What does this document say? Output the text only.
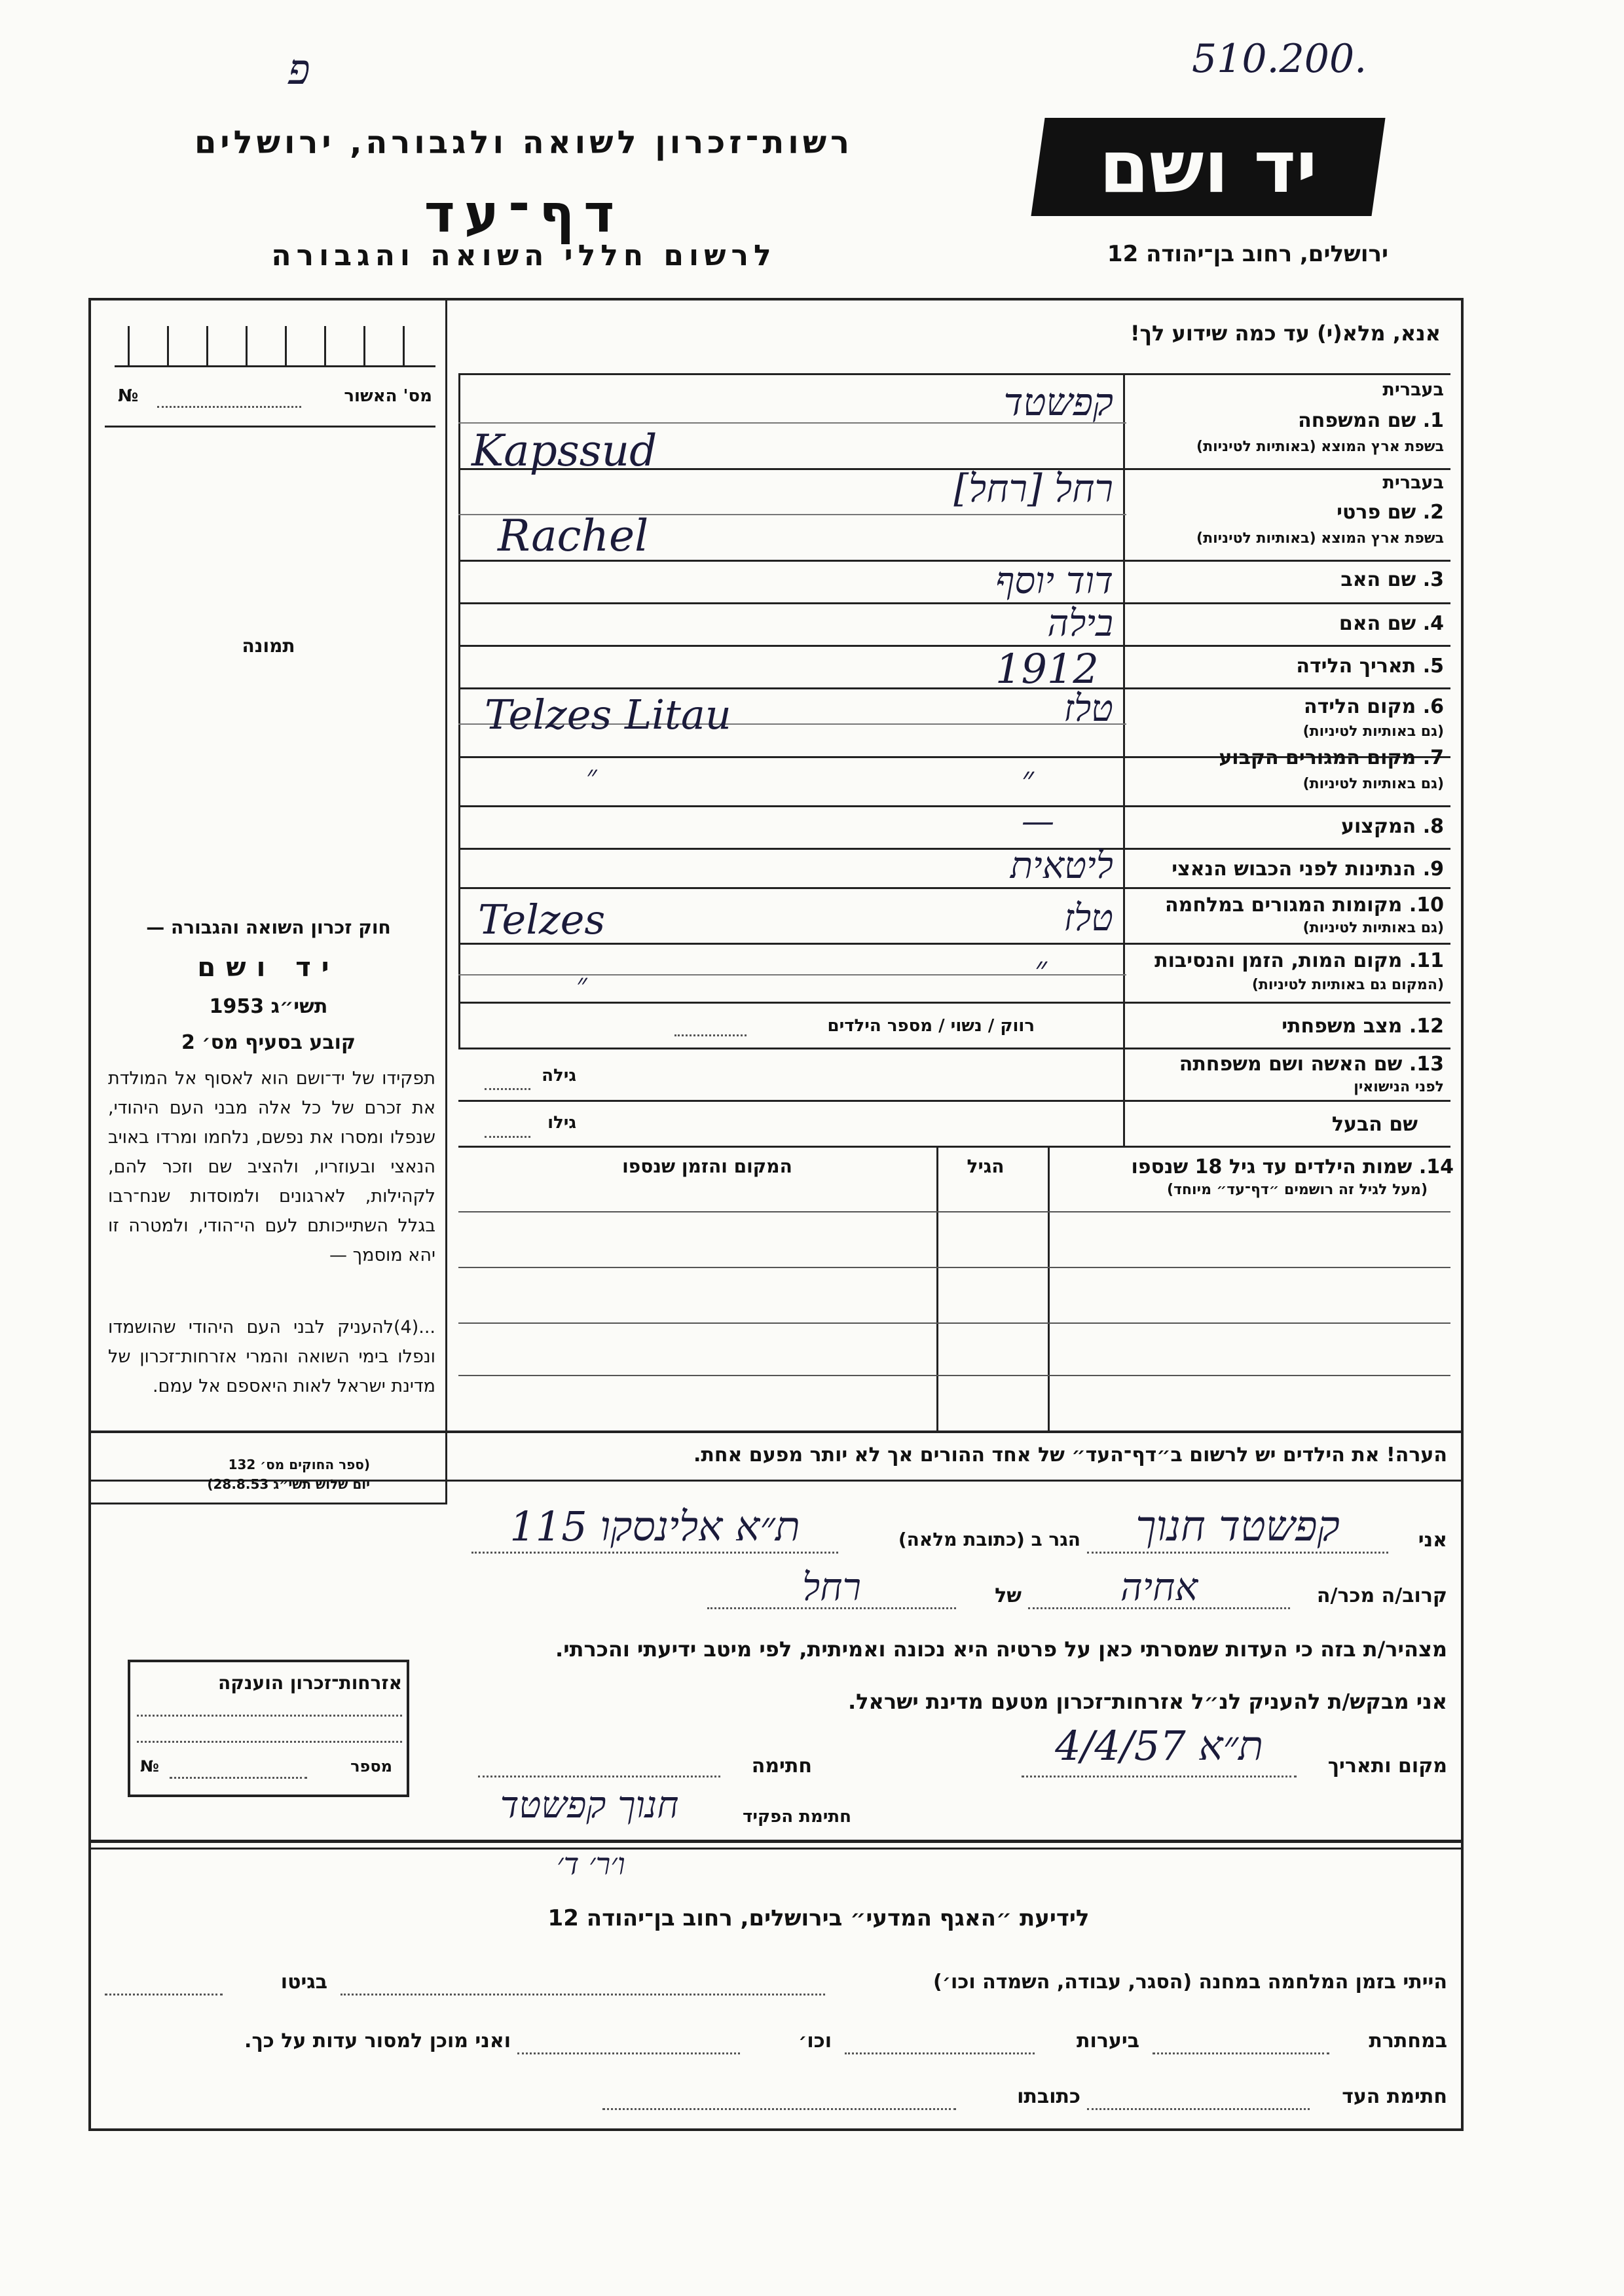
פ	510.200.
יד ושם
רשות־זכרון לשואה ולגבורה, ירושלים
דף־עד
לרשום חללי השואה והגבורה	ירושלים, רחוב בן־יהודה 12
אנא, מלא(י) עד כמה שידוע לך!
מס' האשור
№
תמונה
בעברית
1. שם המשפחה
בשפת ארץ המוצא (באותיות לטיניות)
קפשטד
Kapssud
בעברית
2. שם פרטי
בשפת ארץ המוצא (באותיות לטיניות)
רחל [רחל]
Rachel
3. שם האב
דוד יוסף
4. שם האם
בילה
5. תאריך הלידה
1912
6. מקום הלידה
(גם באותיות לטיניות)
טלז
Telzes Litau
7. מקום המגורים הקבוע
(גם באותיות לטיניות)
״
״
8. המקצוע
—
9. הנתינות לפני הכבוש הנאצי
ליטאית
10. מקומות המגורים במלחמה
(גם באותיות לטיניות)
טלז
Telzes
11. מקום המות, הזמן והנסיבות
(המקום גם באותיות לטיניות)
״
״
12. מצב משפחתי
רווק / נשוי / מספר הילדים
13. שם האשה ושם משפחתה
לפני הנישואין
גילה
שם הבעל
גילו
14. שמות הילדים עד גיל 18 שנספו
(מעל לגיל זה רושמים ״דף־עד״ מיוחד)
הגיל
המקום והזמן שנספו
חוק זכרון השואה והגבורה —
יד ושם
תשי״ג 1953
קובע בסעיף מס׳ 2
תפקידו של יד־ושם הוא לאסוף אל המולדת את זכרם של כל אלה מבני העם היהודי, שנפלו ומסרו את נפשם, נלחמו ומרדו באויב הנאצי ובעוזריו, ולהציב שם וזכר להם, לקהילות, לארגונים ולמוסדות שנח־רבו בגלל השתייכותם לעם הי־הודי, ולמטרה זו יהא מוסמך —
...(4)להעניק לבני העם היהודי שהושמדו ונפלו בימי השואה והמרי אזרחות־זכרון של מדינת ישראל לאות היאספם אל עמם.
(ספר החוקים מס׳ 132
יום שלוש תשי״ג 28.8.53)
הערה! את הילדים יש לרשום ב״דף־העד״ של אחד ההורים אך לא יותר מפעם אחת.
אני
קפשטד חנוך
הגר ב (כתובת מלאה)
ת״א אלינסקו 115
קרוב/ה מכר/ה
אחיה
של
רחל
מצהיר/ת בזה כי העדות שמסרתי כאן על פרטיה היא נכונה ואמיתית, לפי מיטב ידיעתי והכרתי.
אני מבקש/ת להעניק לנ״ל אזרחות־זכרון מטעם מדינת ישראל.
מקום ותאריך
ת״א 4/4/57
חתימה
חתימת הפקיד
חנוך קפשטד
ו׳ר׳ ד׳
אזרחות־זכרון הוענקה
מספר
№
לידיעת ״האגף המדעי״ בירושלים, רחוב בן־יהודה 12
הייתי בזמן המלחמה במחנה (הסגר, עבודה, השמדה וכו׳)
בגיטו
במחתרת
ביערות
וכו׳
ואני מוכן למסור עדות על כך.
חתימת העד
כתובתו
